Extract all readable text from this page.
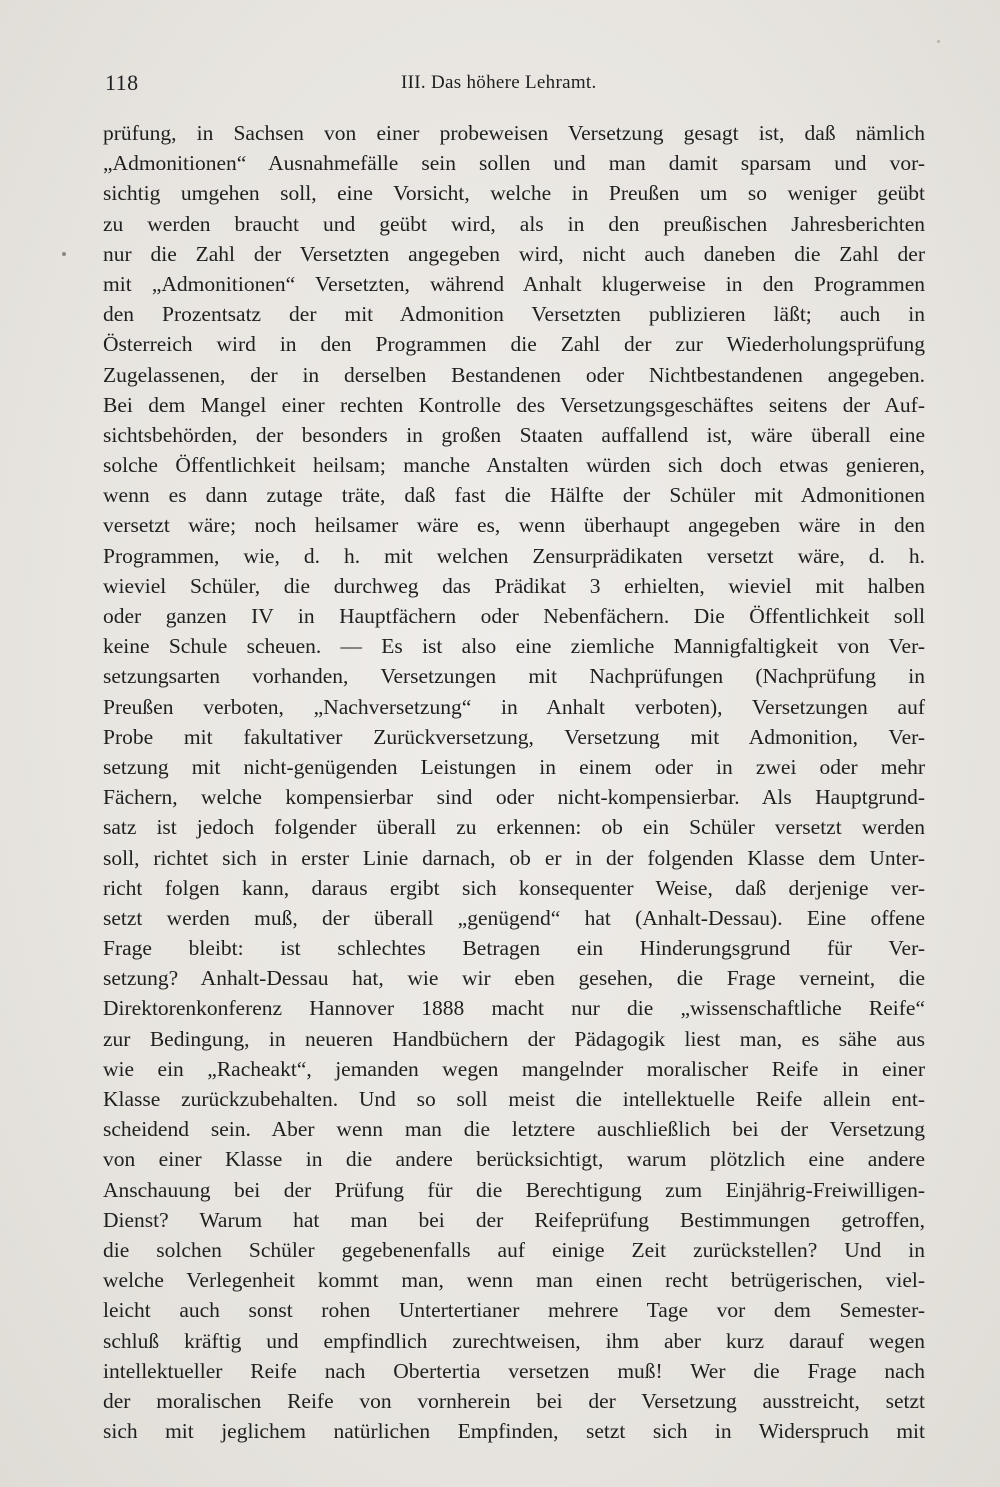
118	III. Das höhere Lehramt.
prüfung, in Sachsen von einer probeweisen Versetzung gesagt ist, daß nämlich
„Admonitionen“ Ausnahmefälle sein sollen und man damit sparsam und vor-
sichtig umgehen soll, eine Vorsicht, welche in Preußen um so weniger geübt
zu werden braucht und geübt wird, als in den preußischen Jahresberichten
nur die Zahl der Versetzten angegeben wird, nicht auch daneben die Zahl der
mit „Admonitionen“ Versetzten, während Anhalt klugerweise in den Programmen
den Prozentsatz der mit Admonition Versetzten publizieren läßt; auch in
Österreich wird in den Programmen die Zahl der zur Wiederholungsprüfung
Zugelassenen, der in derselben Bestandenen oder Nichtbestandenen angegeben.
Bei dem Mangel einer rechten Kontrolle des Versetzungsgeschäftes seitens der Auf-
sichtsbehörden, der besonders in großen Staaten auffallend ist, wäre überall eine
solche Öffentlichkeit heilsam; manche Anstalten würden sich doch etwas genieren,
wenn es dann zutage träte, daß fast die Hälfte der Schüler mit Admonitionen
versetzt wäre; noch heilsamer wäre es, wenn überhaupt angegeben wäre in den
Programmen, wie, d. h. mit welchen Zensurprädikaten versetzt wäre, d. h.
wieviel Schüler, die durchweg das Prädikat 3 erhielten, wieviel mit halben
oder ganzen IV in Hauptfächern oder Nebenfächern. Die Öffentlichkeit soll
keine Schule scheuen. — Es ist also eine ziemliche Mannigfaltigkeit von Ver-
setzungsarten vorhanden, Versetzungen mit Nachprüfungen (Nachprüfung in
Preußen verboten, „Nachversetzung“ in Anhalt verboten), Versetzungen auf
Probe mit fakultativer Zurückversetzung, Versetzung mit Admonition, Ver-
setzung mit nicht-genügenden Leistungen in einem oder in zwei oder mehr
Fächern, welche kompensierbar sind oder nicht-kompensierbar. Als Hauptgrund-
satz ist jedoch folgender überall zu erkennen: ob ein Schüler versetzt werden
soll, richtet sich in erster Linie darnach, ob er in der folgenden Klasse dem Unter-
richt folgen kann, daraus ergibt sich konsequenter Weise, daß derjenige ver-
setzt werden muß, der überall „genügend“ hat (Anhalt-Dessau). Eine offene
Frage bleibt: ist schlechtes Betragen ein Hinderungsgrund für Ver-
setzung? Anhalt-Dessau hat, wie wir eben gesehen, die Frage verneint, die
Direktorenkonferenz Hannover 1888 macht nur die „wissenschaftliche Reife“
zur Bedingung, in neueren Handbüchern der Pädagogik liest man, es sähe aus
wie ein „Racheakt“, jemanden wegen mangelnder moralischer Reife in einer
Klasse zurückzubehalten. Und so soll meist die intellektuelle Reife allein ent-
scheidend sein. Aber wenn man die letztere auschließlich bei der Versetzung
von einer Klasse in die andere berücksichtigt, warum plötzlich eine andere
Anschauung bei der Prüfung für die Berechtigung zum Einjährig-Freiwilligen-
Dienst? Warum hat man bei der Reifeprüfung Bestimmungen getroffen,
die solchen Schüler gegebenenfalls auf einige Zeit zurückstellen? Und in
welche Verlegenheit kommt man, wenn man einen recht betrügerischen, viel-
leicht auch sonst rohen Untertertianer mehrere Tage vor dem Semester-
schluß kräftig und empfindlich zurechtweisen, ihm aber kurz darauf wegen
intellektueller Reife nach Obertertia versetzen muß! Wer die Frage nach
der moralischen Reife von vornherein bei der Versetzung ausstreicht, setzt
sich mit jeglichem natürlichen Empfinden, setzt sich in Widerspruch mit
